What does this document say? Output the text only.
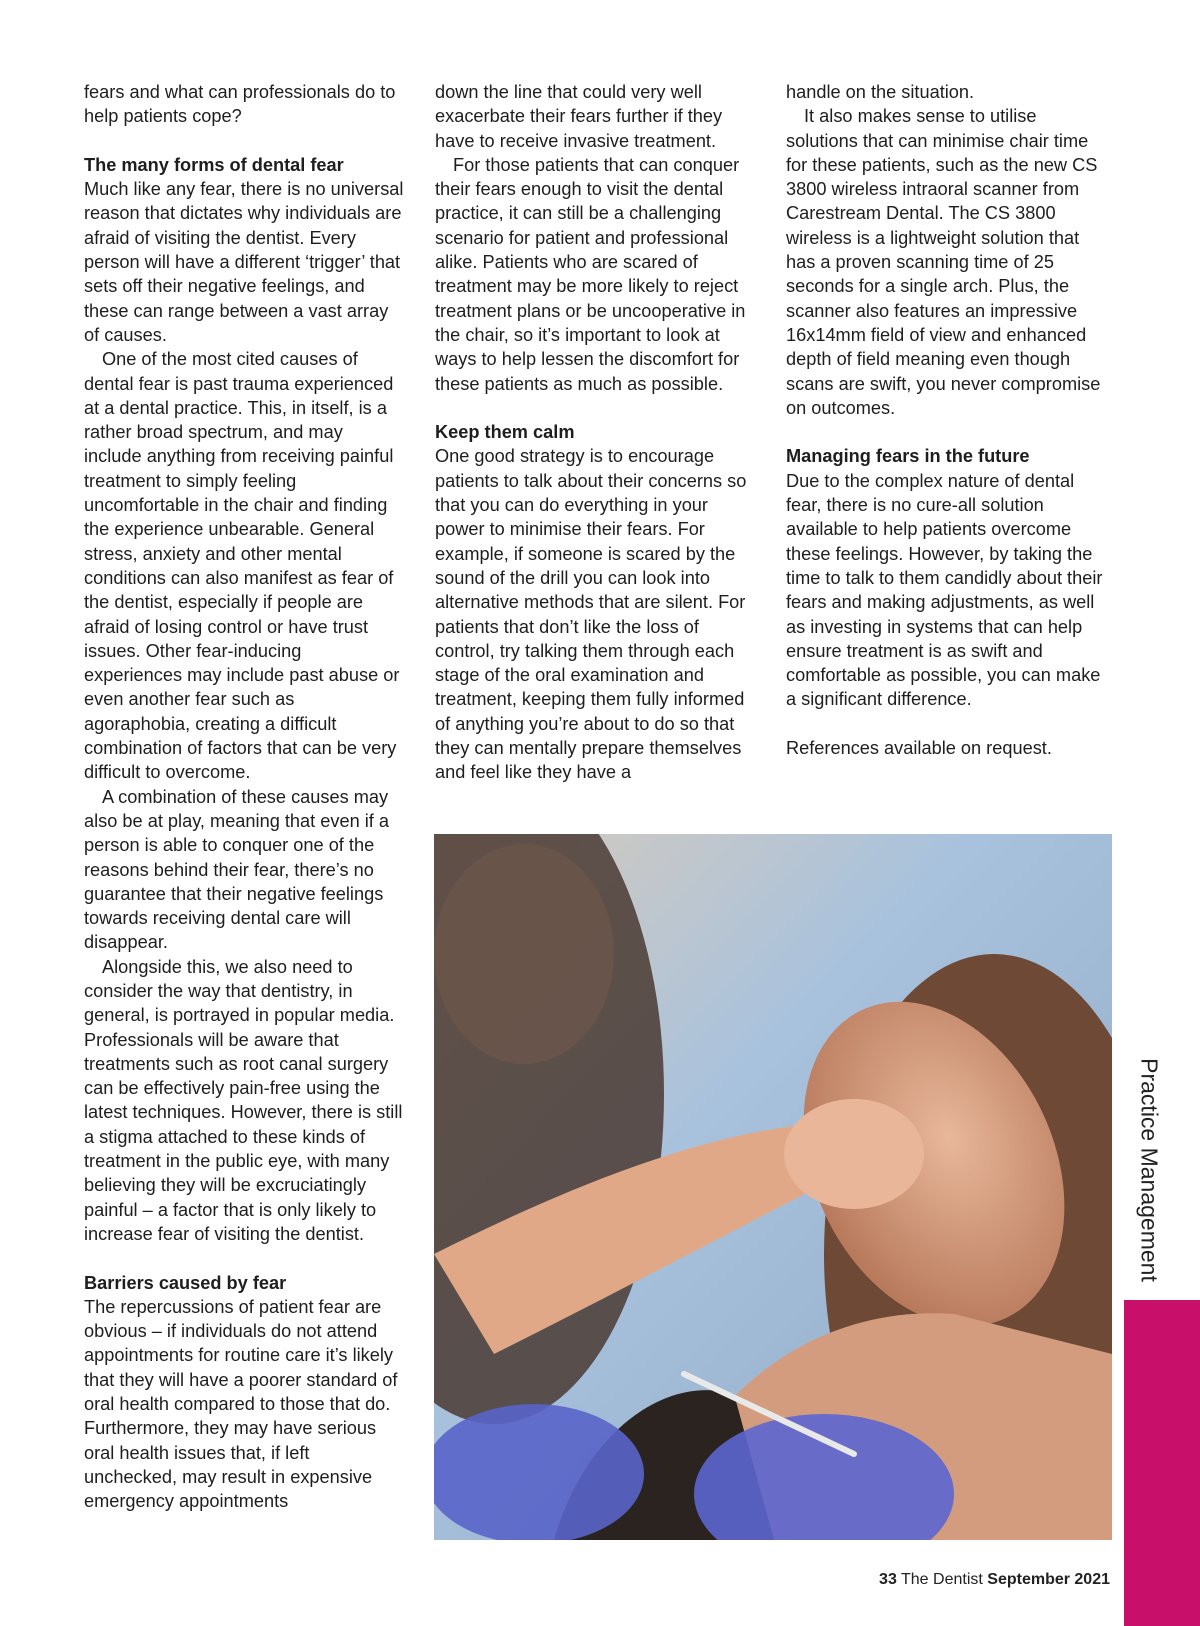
fears and what can professionals do to help patients cope?

The many forms of dental fear

Much like any fear, there is no universal reason that dictates why individuals are afraid of visiting the dentist. Every person will have a different ‘trigger’ that sets off their negative feelings, and these can range between a vast array of causes.

One of the most cited causes of dental fear is past trauma experienced at a dental practice. This, in itself, is a rather broad spectrum, and may include anything from receiving painful treatment to simply feeling uncomfortable in the chair and finding the experience unbearable. General stress, anxiety and other mental conditions can also manifest as fear of the dentist, especially if people are afraid of losing control or have trust issues. Other fear-inducing experiences may include past abuse or even another fear such as agoraphobia, creating a difficult combination of factors that can be very difficult to overcome.

A combination of these causes may also be at play, meaning that even if a person is able to conquer one of the reasons behind their fear, there’s no guarantee that their negative feelings towards receiving dental care will disappear.

Alongside this, we also need to consider the way that dentistry, in general, is portrayed in popular media. Professionals will be aware that treatments such as root canal surgery can be effectively pain-free using the latest techniques. However, there is still a stigma attached to these kinds of treatment in the public eye, with many believing they will be excruciatingly painful – a factor that is only likely to increase fear of visiting the dentist.

Barriers caused by fear

The repercussions of patient fear are obvious – if individuals do not attend appointments for routine care it’s likely that they will have a poorer standard of oral health compared to those that do. Furthermore, they may have serious oral health issues that, if left unchecked, may result in expensive emergency appointments

down the line that could very well exacerbate their fears further if they have to receive invasive treatment.

For those patients that can conquer their fears enough to visit the dental practice, it can still be a challenging scenario for patient and professional alike. Patients who are scared of treatment may be more likely to reject treatment plans or be uncooperative in the chair, so it’s important to look at ways to help lessen the discomfort for these patients as much as possible.

Keep them calm

One good strategy is to encourage patients to talk about their concerns so that you can do everything in your power to minimise their fears. For example, if someone is scared by the sound of the drill you can look into alternative methods that are silent. For patients that don’t like the loss of control, try talking them through each stage of the oral examination and treatment, keeping them fully informed of anything you’re about to do so that they can mentally prepare themselves and feel like they have a

handle on the situation.

It also makes sense to utilise solutions that can minimise chair time for these patients, such as the new CS 3800 wireless intraoral scanner from Carestream Dental. The CS 3800 wireless is a lightweight solution that has a proven scanning time of 25 seconds for a single arch. Plus, the scanner also features an impressive 16x14mm field of view and enhanced depth of field meaning even though scans are swift, you never compromise on outcomes.

Managing fears in the future

Due to the complex nature of dental fear, there is no cure-all solution available to help patients overcome these feelings. However, by taking the time to talk to them candidly about their fears and making adjustments, as well as investing in systems that can help ensure treatment is as swift and comfortable as possible, you can make a significant difference.

References available on request.

Practice Management
33 The Dentist September 2021
